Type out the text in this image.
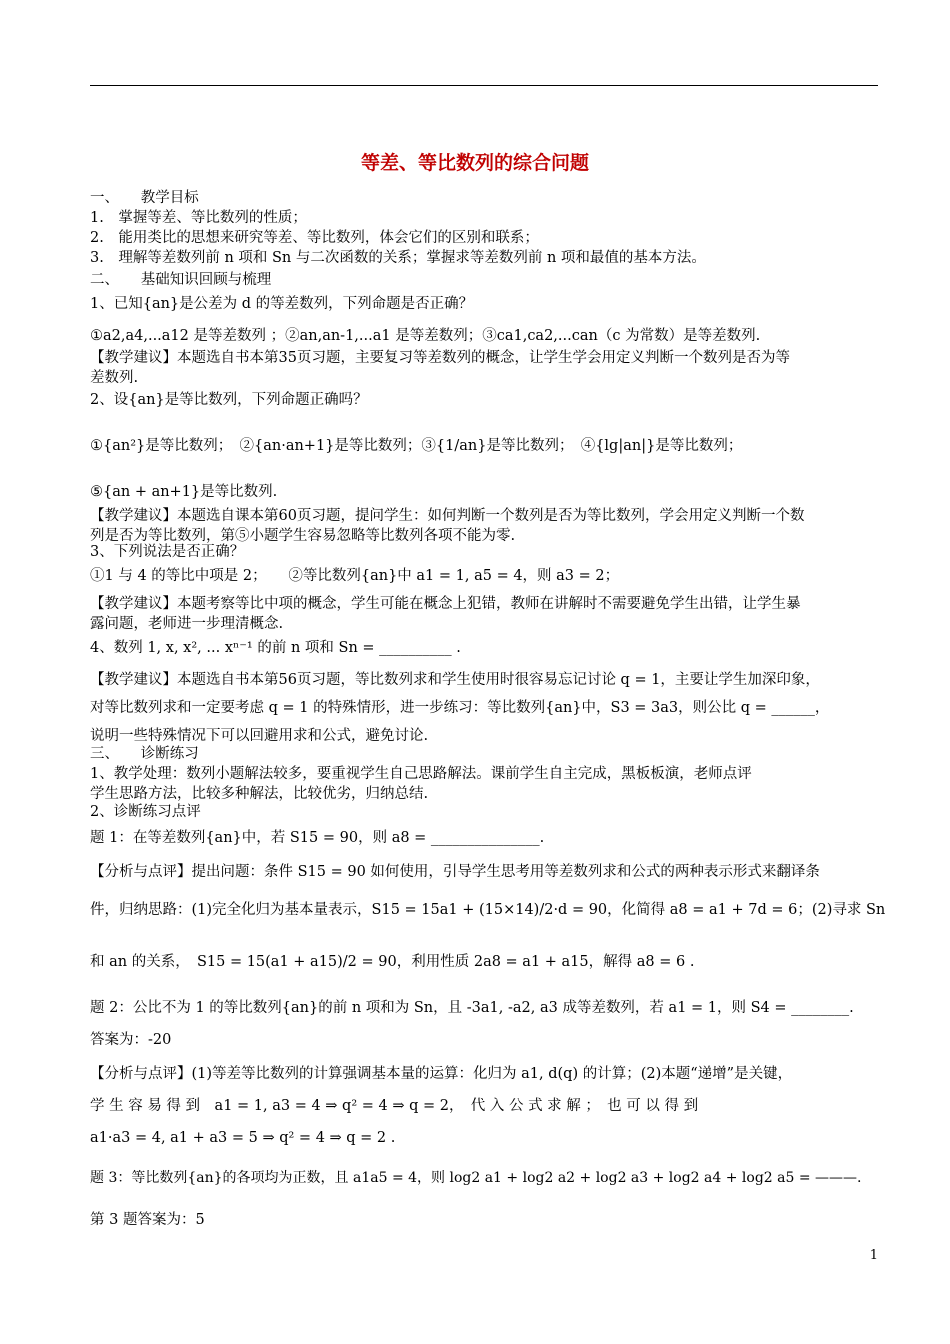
等差、等比数列的综合问题
一、　　教学目标
1.　掌握等差、等比数列的性质；
2.　能用类比的思想来研究等差、等比数列，体会它们的区别和联系；
3.　理解等差数列前 n 项和 Sn 与二次函数的关系；掌握求等差数列前 n 项和最值的基本方法。
二、　　基础知识回顾与梳理
1、已知{an}是公差为 d 的等差数列，下列命题是否正确？
①a2,a4,...a12 是等差数列 ；②an,an-1,...a1 是等差数列；③ca1,ca2,...can（c 为常数）是等差数列.
【教学建议】本题选自书本第35页习题，主要复习等差数列的概念，让学生学会用定义判断一个数列是否为等
差数列.
2、设{an}是等比数列，下列命题正确吗？
①{an²}是等比数列；　②{an·an+1}是等比数列；③{1/an}是等比数列；　④{lg|an|}是等比数列；
⑤{an + an+1}是等比数列.
【教学建议】本题选自课本第60页习题，提问学生：如何判断一个数列是否为等比数列，学会用定义判断一个数
列是否为等比数列，第⑤小题学生容易忽略等比数列各项不能为零.
3、下列说法是否正确？
①1 与 4 的等比中项是 2；　　②等比数列{an}中 a1 = 1, a5 = 4，则 a3 = 2；
【教学建议】本题考察等比中项的概念，学生可能在概念上犯错，教师在讲解时不需要避免学生出错，让学生暴
露问题，老师进一步理清概念.
4、数列 1, x, x², ... xⁿ⁻¹ 的前 n 项和 Sn = __________ .
【教学建议】本题选自书本第56页习题，等比数列求和学生使用时很容易忘记讨论 q = 1，主要让学生加深印象，
对等比数列求和一定要考虑 q = 1 的特殊情形，进一步练习：等比数列{an}中，S3 = 3a3，则公比 q = ______，
说明一些特殊情况下可以回避用求和公式，避免讨论.
三、　　诊断练习
1、教学处理：数列小题解法较多，要重视学生自己思路解法。课前学生自主完成，黑板板演，老师点评
学生思路方法，比较多种解法，比较优劣，归纳总结.
2、诊断练习点评
题 1：在等差数列{an}中，若 S15 = 90，则 a8 = _______________.
【分析与点评】提出问题：条件 S15 = 90 如何使用，引导学生思考用等差数列求和公式的两种表示形式来翻译条
件，归纳思路：(1)完全化归为基本量表示，S15 = 15a1 + (15×14)/2·d = 90，化简得 a8 = a1 + 7d = 6；(2)寻求 Sn
和 an 的关系，　S15 = 15(a1 + a15)/2 = 90，利用性质 2a8 = a1 + a15，解得 a8 = 6 .
题 2：公比不为 1 的等比数列{an}的前 n 项和为 Sn，且 -3a1, -a2, a3 成等差数列，若 a1 = 1，则 S4 = ________.
答案为：-20
【分析与点评】(1)等差等比数列的计算强调基本量的运算：化归为 a1, d(q) 的计算；(2)本题“递增”是关键，
学 生 容 易 得 到　a1 = 1, a3 = 4 ⇒ q² = 4 ⇒ q = 2，　代 入 公 式 求 解 ；　也 可 以 得 到
a1·a3 = 4, a1 + a3 = 5 ⇒ q² = 4 ⇒ q = 2 .
题 3：等比数列{an}的各项均为正数，且 a1a5 = 4，则 log2 a1 + log2 a2 + log2 a3 + log2 a4 + log2 a5 = ———.
第 3 题答案为：5
1
